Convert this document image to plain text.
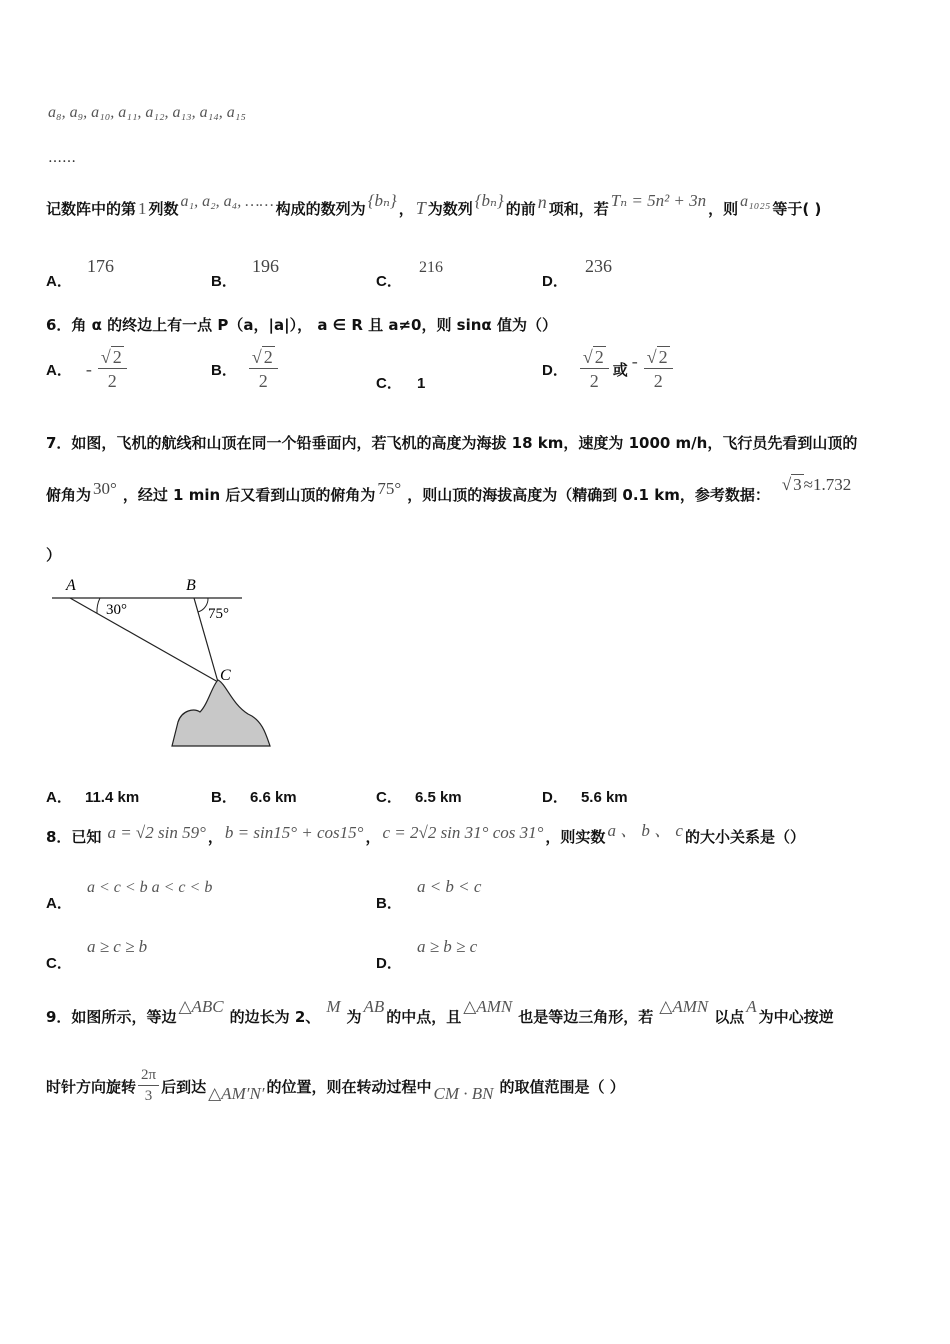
a₈, a₉, a₁₀, a₁₁, a₁₂, a₁₃, a₁₄, a₁₅
……
记数阵中的第 1 列数 a₁, a₂, a₄, …… 构成的数列为 {bₙ} ， T 为数列 {bₙ} 的前 n 项和，若 Tₙ = 5n² + 3n ，则 a₁₀₂₅ 等于( )
A． 176
B． 196
C． 216
D． 236
6．角 α 的终边上有一点 P（a，|a|）， a ∈ R 且 a≠0，则 sinα 值为（）
A． - $\frac{√ 2}{2}$	B． $\frac{√ 2}{2}$	C． 1
D． $\frac{√ 2}{2}$ 或 - $\frac{√ 2}{2}$
7．如图，飞机的航线和山顶在同一个铅垂面内，若飞机的高度为海拔 18 km，速度为 1000 m/h，飞行员先看到山顶的
俯角为 30° ，经过 1 min 后又看到山顶的俯角为 75° ，则山顶的海拔高度为（精确到 0.1 km，参考数据：
√ 3 ≈1.732
）
A	B
C
30°	75°
A． 11.4 km	B． 6.6 km	C． 6.5 km	D． 5.6 km
8．已知 a = √2 sin 59° ， b = sin15° + cos15° ， c = 2√2 sin 31° cos 31° ，则实数 a 、 b 、 c 的大小关系是（）
A． a < c < b a < c < b
B． a < b < c
C． a ≥ c ≥ b
D． a ≥ b ≥ c
9．如图所示，等边
△ABC
的边长为 2、
M
为
AB
的中点，且
△AMN
也是等边三角形，若
△AMN
以点
A
为中心按逆
时针方向旋转 $\frac{2\pi}{3}$ 后到达 △AM′N′ 的位置，则在转动过程中 CM · BN 的取值范围是（ ）
